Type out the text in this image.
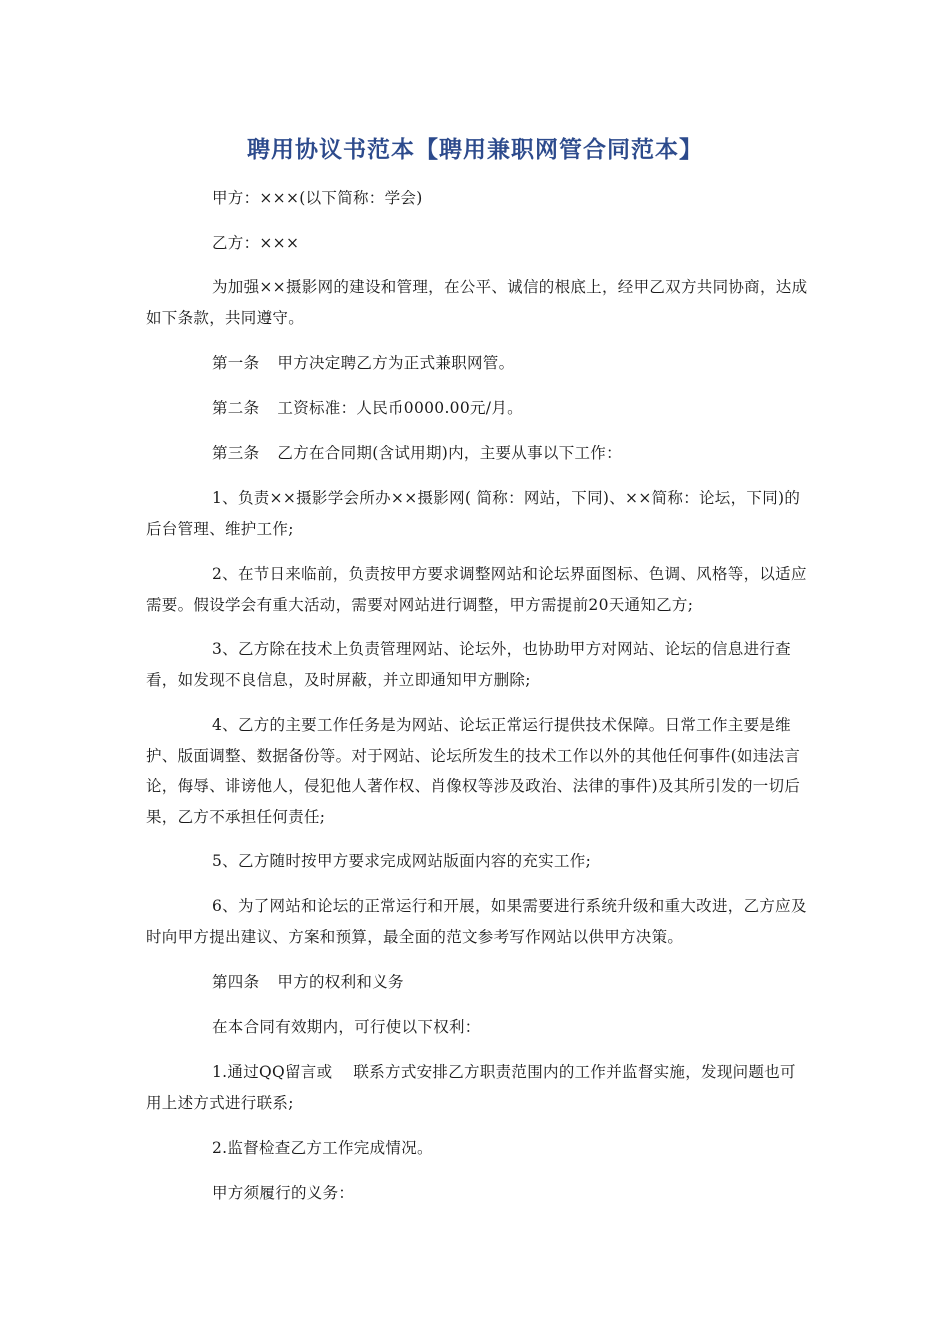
聘用协议书范本【聘用兼职网管合同范本】
甲方：×××(以下简称：学会)
乙方：×××
为加强××摄影网的建设和管理，在公平、诚信的根底上，经甲乙双方共同协商，达成如下条款，共同遵守。
第一条 甲方决定聘乙方为正式兼职网管。
第二条 工资标准：人民币0000.00元/月。
第三条 乙方在合同期(含试用期)内，主要从事以下工作：
1、负责××摄影学会所办××摄影网( 简称：网站，下同)、××简称：论坛，下同)的后台管理、维护工作;
2、在节日来临前，负责按甲方要求调整网站和论坛界面图标、色调、风格等，以适应需要。假设学会有重大活动，需要对网站进行调整，甲方需提前20天通知乙方;
3、乙方除在技术上负责管理网站、论坛外，也协助甲方对网站、论坛的信息进行查看，如发现不良信息，及时屏蔽，并立即通知甲方删除;
4、乙方的主要工作任务是为网站、论坛正常运行提供技术保障。日常工作主要是维护、版面调整、数据备份等。对于网站、论坛所发生的技术工作以外的其他任何事件(如违法言论，侮辱、诽谤他人，侵犯他人著作权、肖像权等涉及政治、法律的事件)及其所引发的一切后果，乙方不承担任何责任;
5、乙方随时按甲方要求完成网站版面内容的充实工作;
6、为了网站和论坛的正常运行和开展，如果需要进行系统升级和重大改进，乙方应及时向甲方提出建议、方案和预算，最全面的范文参考写作网站以供甲方决策。
第四条 甲方的权利和义务
在本合同有效期内，可行使以下权利：
1.通过QQ留言或　 联系方式安排乙方职责范围内的工作并监督实施，发现问题也可用上述方式进行联系;
2.监督检查乙方工作完成情况。
甲方须履行的义务：
